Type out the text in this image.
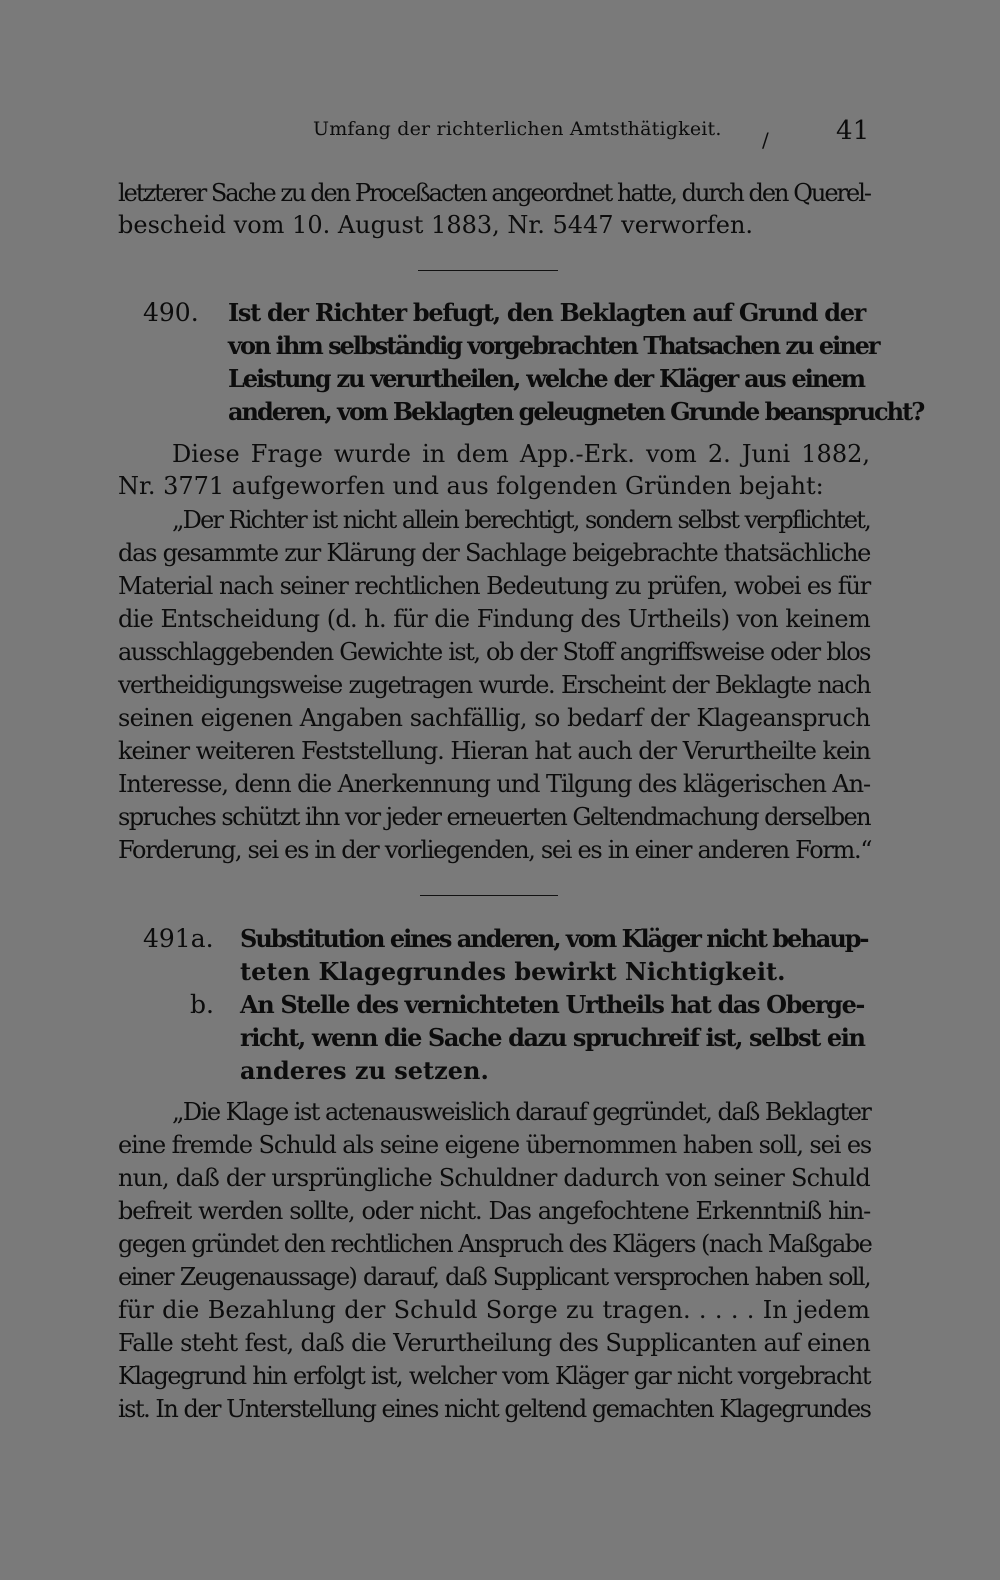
Umfang der richterlichen Amtsthätigkeit. /	41
letzterer Sache zu den Proceßacten angeordnet hatte, durch den Querel-
bescheid vom 10. August 1883, Nr. 5447 verworfen.
490. Ist der Richter befugt, den Beklagten auf Grund der
von ihm selbständig vorgebrachten Thatsachen zu einer
Leistung zu verurtheilen, welche der Kläger aus einem
anderen, vom Beklagten geleugneten Grunde beansprucht?
Diese Frage wurde in dem App.-Erk. vom 2. Juni 1882,
Nr. 3771 aufgeworfen und aus folgenden Gründen bejaht:
„Der Richter ist nicht allein berechtigt, sondern selbst verpflichtet,
das gesammte zur Klärung der Sachlage beigebrachte thatsächliche
Material nach seiner rechtlichen Bedeutung zu prüfen, wobei es für
die Entscheidung (d. h. für die Findung des Urtheils) von keinem
ausschlaggebenden Gewichte ist, ob der Stoff angriffsweise oder blos
vertheidigungsweise zugetragen wurde. Erscheint der Beklagte nach
seinen eigenen Angaben sachfällig, so bedarf der Klageanspruch
keiner weiteren Feststellung. Hieran hat auch der Verurtheilte kein
Interesse, denn die Anerkennung und Tilgung des klägerischen An-
spruches schützt ihn vor jeder erneuerten Geltendmachung derselben
Forderung, sei es in der vorliegenden, sei es in einer anderen Form.“
491a. Substitution eines anderen, vom Kläger nicht behaup-
teten Klagegrundes bewirkt Nichtigkeit.
b. An Stelle des vernichteten Urtheils hat das Oberge-
richt, wenn die Sache dazu spruchreif ist, selbst ein
anderes zu setzen.
„Die Klage ist actenausweislich darauf gegründet, daß Beklagter
eine fremde Schuld als seine eigene übernommen haben soll, sei es
nun, daß der ursprüngliche Schuldner dadurch von seiner Schuld
befreit werden sollte, oder nicht. Das angefochtene Erkenntniß hin-
gegen gründet den rechtlichen Anspruch des Klägers (nach Maßgabe
einer Zeugenaussage) darauf, daß Supplicant versprochen haben soll,
für die Bezahlung der Schuld Sorge zu tragen. . . . . In jedem
Falle steht fest, daß die Verurtheilung des Supplicanten auf einen
Klagegrund hin erfolgt ist, welcher vom Kläger gar nicht vorgebracht
ist. In der Unterstellung eines nicht geltend gemachten Klagegrundes
